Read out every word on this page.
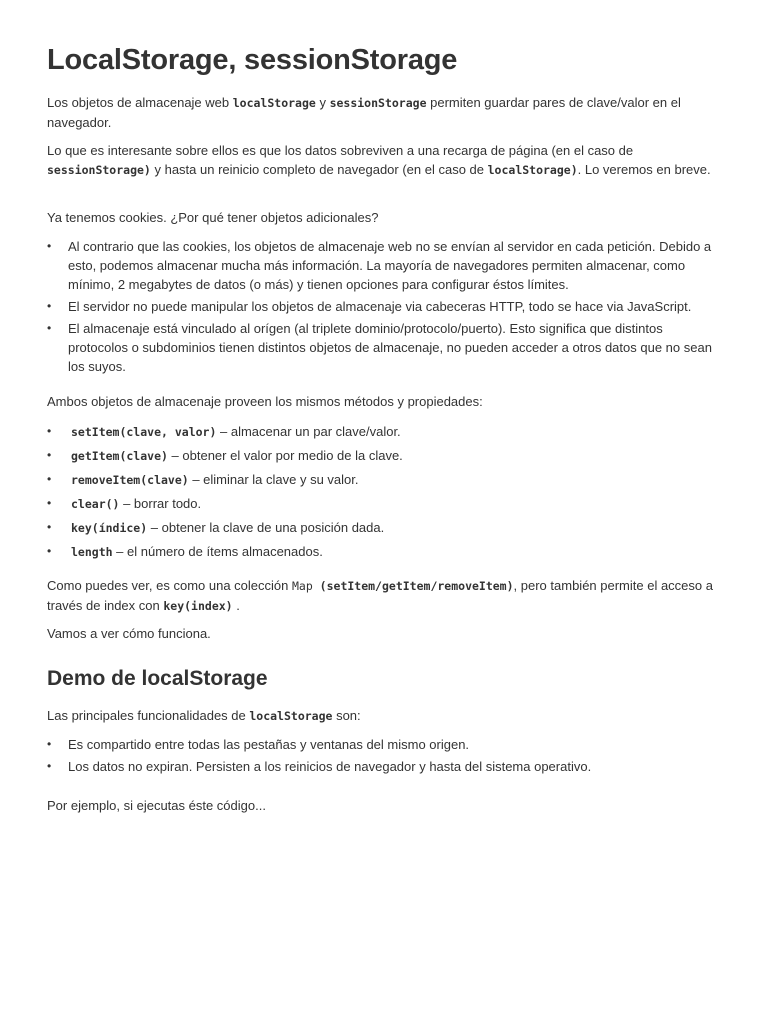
LocalStorage, sessionStorage

Los objetos de almacenaje web localStorage y sessionStorage permiten guardar pares de clave/valor en el navegador.

Lo que es interesante sobre ellos es que los datos sobreviven a una recarga de página (en el caso de sessionStorage) y hasta un reinicio completo de navegador (en el caso de localStorage). Lo veremos en breve.

Ya tenemos cookies. ¿Por qué tener objetos adicionales?

• Al contrario que las cookies, los objetos de almacenaje web no se envían al servidor en cada petición. Debido a esto, podemos almacenar mucha más información. La mayoría de navegadores permiten almacenar, como mínimo, 2 megabytes de datos (o más) y tienen opciones para configurar éstos límites.
• El servidor no puede manipular los objetos de almacenaje via cabeceras HTTP, todo se hace via JavaScript.
• El almacenaje está vinculado al orígen (al triplete dominio/protocolo/puerto). Esto significa que distintos protocolos o subdominios tienen distintos objetos de almacenaje, no pueden acceder a otros datos que no sean los suyos.

Ambos objetos de almacenaje proveen los mismos métodos y propiedades:

• setItem(clave, valor) – almacenar un par clave/valor.
• getItem(clave) – obtener el valor por medio de la clave.
• removeItem(clave) – eliminar la clave y su valor.
• clear() – borrar todo.
• key(índice) – obtener la clave de una posición dada.
• length – el número de ítems almacenados.

Como puedes ver, es como una colección Map (setItem/getItem/removeItem), pero también permite el acceso a través de index con key(index) .

Vamos a ver cómo funciona.

Demo de localStorage

Las principales funcionalidades de localStorage son:

• Es compartido entre todas las pestañas y ventanas del mismo origen.
• Los datos no expiran. Persisten a los reinicios de navegador y hasta del sistema operativo.

Por ejemplo, si ejecutas éste código...
